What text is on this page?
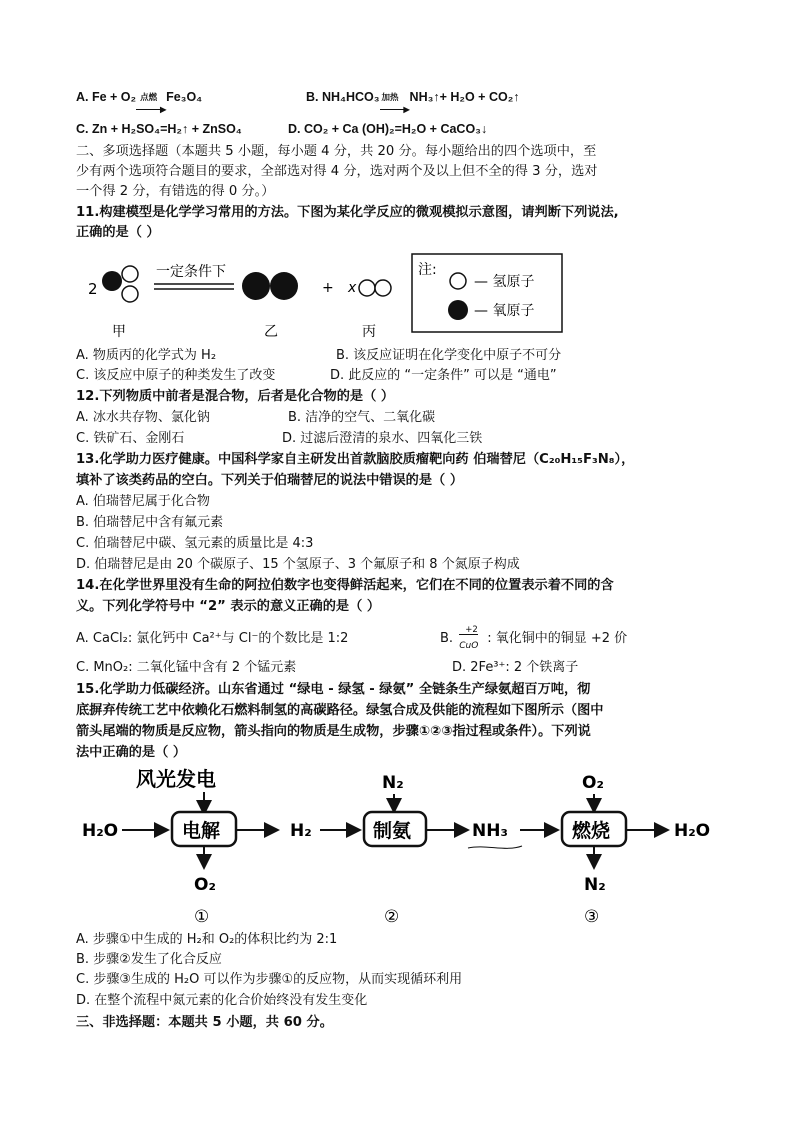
A. Fe + O₂ 点燃
▶
Fe₃O₄	B. NH₄HCO₃ 加热
▶
NH₃↑+ H₂O + CO₂↑
C. Zn + H₂SO₄=H₂↑ + ZnSO₄	D. CO₂ + Ca (OH)₂=H₂O + CaCO₃↓
二、多项选择题（本题共 5 小题，每小题 4 分，共 20 分。每小题给出的四个选项中，至
少有两个选项符合题目的要求，全部选对得 4 分，选对两个及以上但不全的得 3 分，选对
一个得 2 分，有错选的得 0 分。）
11.构建模型是化学学习常用的方法。下图为某化学反应的微观模拟示意图，请判断下列说法,
正确的是（ ）
2
一定条件下
+ x
甲	乙	丙
注:
— 氢原子
— 氧原子
A. 物质丙的化学式为 H₂	B. 该反应证明在化学变化中原子不可分
C. 该反应中原子的种类发生了改变	D. 此反应的 “一定条件” 可以是 “通电”
12.下列物质中前者是混合物，后者是化合物的是（ ）
A. 冰水共存物、氯化钠	B. 洁净的空气、二氧化碳
C. 铁矿石、金刚石	D. 过滤后澄清的泉水、四氧化三铁
13.化学助力医疗健康。中国科学家自主研发出首款脑胶质瘤靶向药 伯瑞替尼（C₂₀H₁₅F₃N₈），
填补了该类药品的空白。下列关于伯瑞替尼的说法中错误的是（ ）
A. 伯瑞替尼属于化合物
B. 伯瑞替尼中含有氟元素
C. 伯瑞替尼中碳、氢元素的质量比是 4:3
D. 伯瑞替尼是由 20 个碳原子、15 个氢原子、3 个氟原子和 8 个氮原子构成
14.在化学世界里没有生命的阿拉伯数字也变得鲜活起来，它们在不同的位置表示着不同的含
义。下列化学符号中 “2” 表示的意义正确的是（ ）
A. CaCl₂: 氯化钙中 Ca²⁺与 Cl⁻的个数比是 1:2	B.
+2
CuO : 氧化铜中的铜显 +2 价
C. MnO₂: 二氧化锰中含有 2 个锰元素	D. 2Fe³⁺: 2 个铁离子
15.化学助力低碳经济。山东省通过 “绿电 - 绿氢 - 绿氨” 全链条生产绿氨超百万吨，彻
底摒弃传统工艺中依赖化石燃料制氢的高碳路径。绿氢合成及供能的流程如下图所示（图中
箭头尾端的物质是反应物，箭头指向的物质是生成物，步骤①②③指过程或条件）。下列说
法中正确的是（ ）
风光发电
H₂O	电解
O₂
H₂
N₂
制氨	NH₃
O₂
燃烧	H₂O
N₂
①	②	③
A. 步骤①中生成的 H₂和 O₂的体积比约为 2:1
B. 步骤②发生了化合反应
C. 步骤③生成的 H₂O 可以作为步骤①的反应物，从而实现循环利用
D. 在整个流程中氮元素的化合价始终没有发生变化
三、非选择题：本题共 5 小题，共 60 分。
